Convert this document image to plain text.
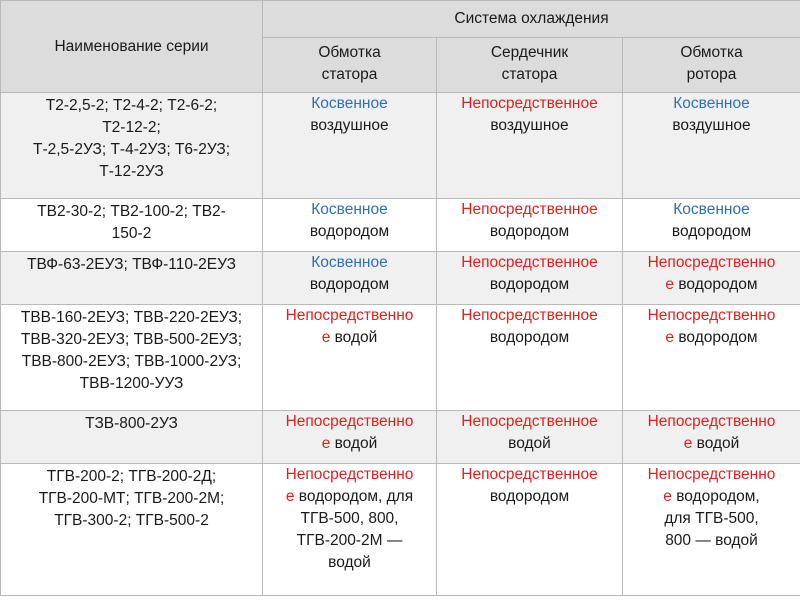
Наименование серии	Система охлаждения		

	Обмотка
статора	Сердечник
статора	Обмотка
ротора

Т2-2,5-2; Т2-4-2; Т2-6-2;
Т2-12-2;
Т-2,5-2УЗ; Т-4-2УЗ; Т6-2УЗ;
Т-12-2УЗ	Косвенное
воздушное	Непосредственное
воздушное	Косвенное
воздушное

ТВ2-30-2; ТВ2-100-2; ТВ2-
150-2	Косвенное
водородом	Непосредственное
водородом	Косвенное
водородом

ТВФ-63-2ЕУЗ; ТВФ-110-2ЕУЗ	Косвенное
водородом	Непосредственное
водородом	Непосредственно
е водородом

ТВВ-160-2ЕУЗ; ТВВ-220-2ЕУЗ;
ТВВ-320-2ЕУЗ; ТВВ-500-2ЕУЗ;
ТВВ-800-2ЕУЗ; ТВВ-1000-2УЗ;
ТВВ-1200-УУЗ	Непосредственно
е водой	Непосредственное
водородом	Непосредственно
е водородом

ТЗВ-800-2УЗ	Непосредственно
е водой	Непосредственное
водой	Непосредственно
е водой

ТГВ-200-2; ТГВ-200-2Д;
ТГВ-200-МТ; ТГВ-200-2М;
ТГВ-300-2; ТГВ-500-2	Непосредственно
е водородом, для
ТГВ-500, 800,
ТГВ-200-2М —
водой	Непосредственное
водородом	Непосредственно
е водородом,
для ТГВ-500,
800 — водой
